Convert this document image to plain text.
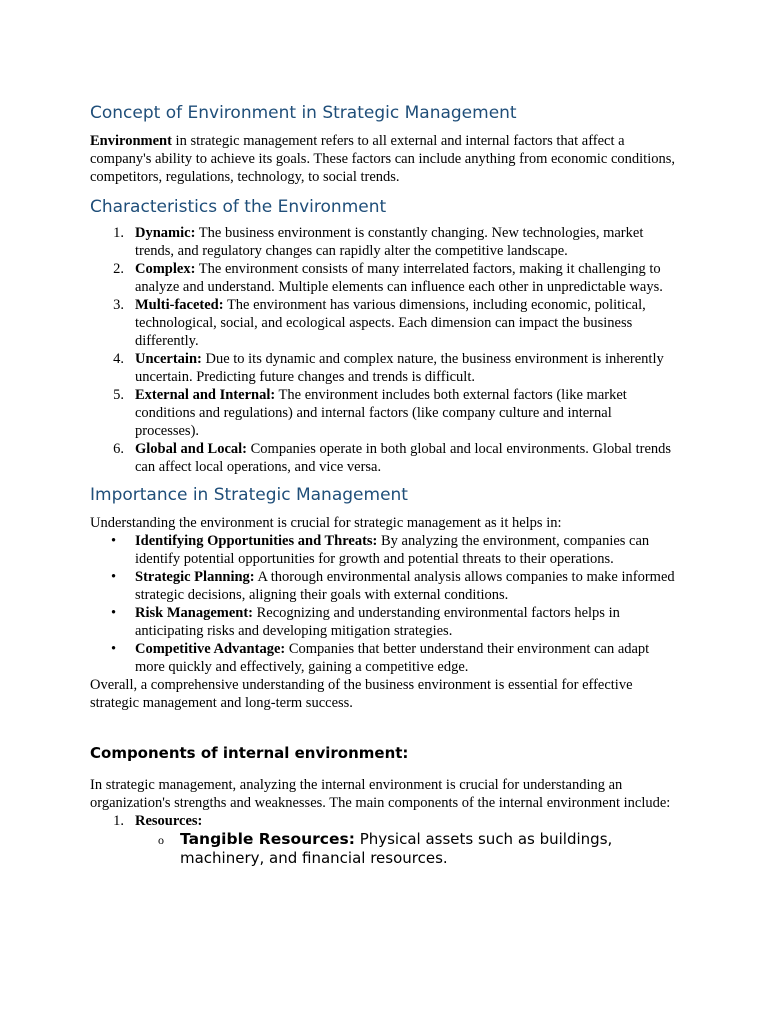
Concept of Environment in Strategic Management

Environment in strategic management refers to all external and internal factors that affect a company's ability to achieve its goals. These factors can include anything from economic conditions, competitors, regulations, technology, to social trends.

Characteristics of the Environment
1. Dynamic: The business environment is constantly changing. New technologies, market trends, and regulatory changes can rapidly alter the competitive landscape.
2. Complex: The environment consists of many interrelated factors, making it challenging to analyze and understand. Multiple elements can influence each other in unpredictable ways.
3. Multi-faceted: The environment has various dimensions, including economic, political, technological, social, and ecological aspects. Each dimension can impact the business differently.
4. Uncertain: Due to its dynamic and complex nature, the business environment is inherently uncertain. Predicting future changes and trends is difficult.
5. External and Internal: The environment includes both external factors (like market conditions and regulations) and internal factors (like company culture and internal processes).
6. Global and Local: Companies operate in both global and local environments. Global trends can affect local operations, and vice versa.
Importance in Strategic Management

Understanding the environment is crucial for strategic management as it helps in:

• Identifying Opportunities and Threats: By analyzing the environment, companies can identify potential opportunities for growth and potential threats to their operations.
• Strategic Planning: A thorough environmental analysis allows companies to make informed strategic decisions, aligning their goals with external conditions.
• Risk Management: Recognizing and understanding environmental factors helps in anticipating risks and developing mitigation strategies.
• Competitive Advantage: Companies that better understand their environment can adapt more quickly and effectively, gaining a competitive edge.

Overall, a comprehensive understanding of the business environment is essential for effective strategic management and long-term success.

Components of internal environment:

In strategic management, analyzing the internal environment is crucial for understanding an organization's strengths and weaknesses. The main components of the internal environment include:

1. Resources:
o Tangible Resources: Physical assets such as buildings, machinery, and financial resources.
